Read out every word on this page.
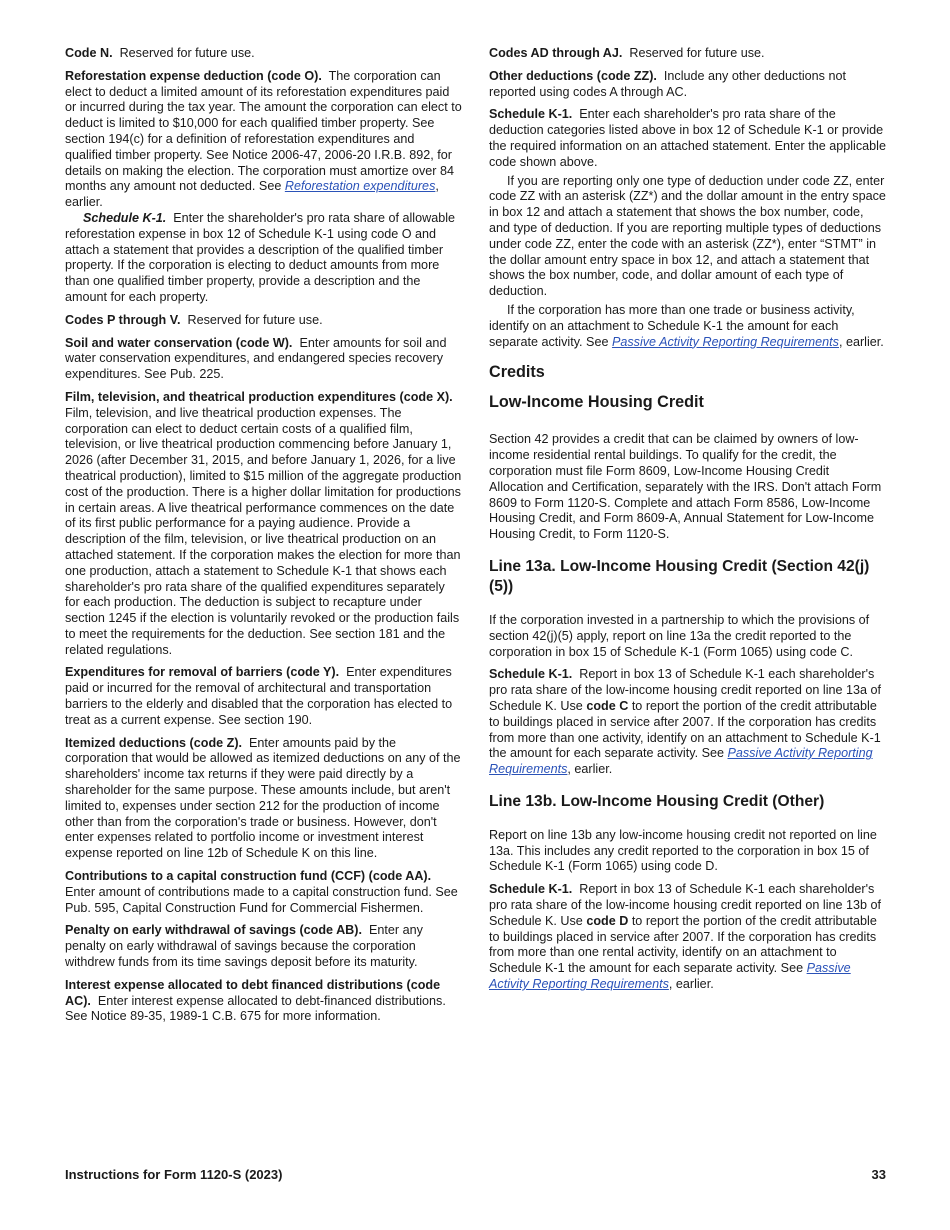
Code N. Reserved for future use.

Reforestation expense deduction (code O). The corporation can elect to deduct a limited amount of its reforestation expenditures paid or incurred during the tax year. The amount the corporation can elect to deduct is limited to $10,000 for each qualified timber property. See section 194(c) for a definition of reforestation expenditures and qualified timber property. See Notice 2006-47, 2006-20 I.R.B. 892, for details on making the election. The corporation must amortize over 84 months any amount not deducted. See Reforestation expenditures, earlier.

Schedule K-1. Enter the shareholder's pro rata share of allowable reforestation expense in box 12 of Schedule K-1 using code O and attach a statement that provides a description of the qualified timber property. If the corporation is electing to deduct amounts from more than one qualified timber property, provide a description and the amount for each property.

Codes P through V. Reserved for future use.

Soil and water conservation (code W). Enter amounts for soil and water conservation expenditures, and endangered species recovery expenditures. See Pub. 225.

Film, television, and theatrical production expenditures (code X).  Film, television, and live theatrical production expenses. The corporation can elect to deduct certain costs of a qualified film, television, or live theatrical production commencing before January 1, 2026 (after December 31, 2015, and before January 1, 2026, for a live theatrical production), limited to $15 million of the aggregate production cost of the production. There is a higher dollar limitation for productions in certain areas. A live theatrical performance commences on the date of its first public performance for a paying audience. Provide a description of the film, television, or live theatrical production on an attached statement. If the corporation makes the election for more than one production, attach a statement to Schedule K-1 that shows each shareholder's pro rata share of the qualified expenditures separately for each production. The deduction is subject to recapture under section 1245 if the election is voluntarily revoked or the production fails to meet the requirements for the deduction. See section 181 and the related regulations.

Expenditures for removal of barriers (code Y). Enter expenditures paid or incurred for the removal of architectural and transportation barriers to the elderly and disabled that the corporation has elected to treat as a current expense. See section 190.

Itemized deductions (code Z). Enter amounts paid by the corporation that would be allowed as itemized deductions on any of the shareholders' income tax returns if they were paid directly by a shareholder for the same purpose. These amounts include, but aren't limited to, expenses under section 212 for the production of income other than from the corporation's trade or business. However, don't enter expenses related to portfolio income or investment interest expense reported on line 12b of Schedule K on this line.

Contributions to a capital construction fund (CCF) (code AA).  Enter amount of contributions made to a capital construction fund. See Pub. 595, Capital Construction Fund for Commercial Fishermen.

Penalty on early withdrawal of savings (code AB). Enter any penalty on early withdrawal of savings because the corporation withdrew funds from its time savings deposit before its maturity.

Interest expense allocated to debt financed distributions (code AC). Enter interest expense allocated to debt-financed distributions. See Notice 89-35, 1989-1 C.B. 675 for more information.

Codes AD through AJ. Reserved for future use.

Other deductions (code ZZ). Include any other deductions not reported using codes A through AC.

Schedule K-1. Enter each shareholder's pro rata share of the deduction categories listed above in box 12 of Schedule K-1 or provide the required information on an attached statement. Enter the applicable code shown above.

If you are reporting only one type of deduction under code ZZ, enter code ZZ with an asterisk (ZZ*) and the dollar amount in the entry space in box 12 and attach a statement that shows the box number, code, and type of deduction. If you are reporting multiple types of deductions under code ZZ, enter the code with an asterisk (ZZ*), enter “STMT” in the dollar amount entry space in box 12, and attach a statement that shows the box number, code, and dollar amount of each type of deduction.

If the corporation has more than one trade or business activity, identify on an attachment to Schedule K-1 the amount for each separate activity. See Passive Activity Reporting Requirements, earlier.

Credits
Low-Income Housing Credit

Section 42 provides a credit that can be claimed by owners of low-income residential rental buildings. To qualify for the credit, the corporation must file Form 8609, Low-Income Housing Credit Allocation and Certification, separately with the IRS. Don't attach Form 8609 to Form 1120-S. Complete and attach Form 8586, Low-Income Housing Credit, and Form 8609-A, Annual Statement for Low-Income Housing Credit, to Form 1120-S.

Line 13a. Low-Income Housing Credit (Section 42(j)(5))

If the corporation invested in a partnership to which the provisions of section 42(j)(5) apply, report on line 13a the credit reported to the corporation in box 15 of Schedule K-1 (Form 1065) using code C.

Schedule K-1. Report in box 13 of Schedule K-1 each shareholder's pro rata share of the low-income housing credit reported on line 13a of Schedule K. Use code C to report the portion of the credit attributable to buildings placed in service after 2007. If the corporation has credits from more than one activity, identify on an attachment to Schedule K-1 the amount for each separate activity. See Passive Activity Reporting Requirements, earlier.

Line 13b. Low-Income Housing Credit (Other)

Report on line 13b any low-income housing credit not reported on line 13a. This includes any credit reported to the corporation in box 15 of Schedule K-1 (Form 1065) using code D.

Schedule K-1. Report in box 13 of Schedule K-1 each shareholder's pro rata share of the low-income housing credit reported on line 13b of Schedule K. Use code D to report the portion of the credit attributable to buildings placed in service after 2007. If the corporation has credits from more than one rental activity, identify on an attachment to Schedule K-1 the amount for each separate activity. See Passive Activity Reporting Requirements, earlier.

Instructions for Form 1120-S (2023)	33
